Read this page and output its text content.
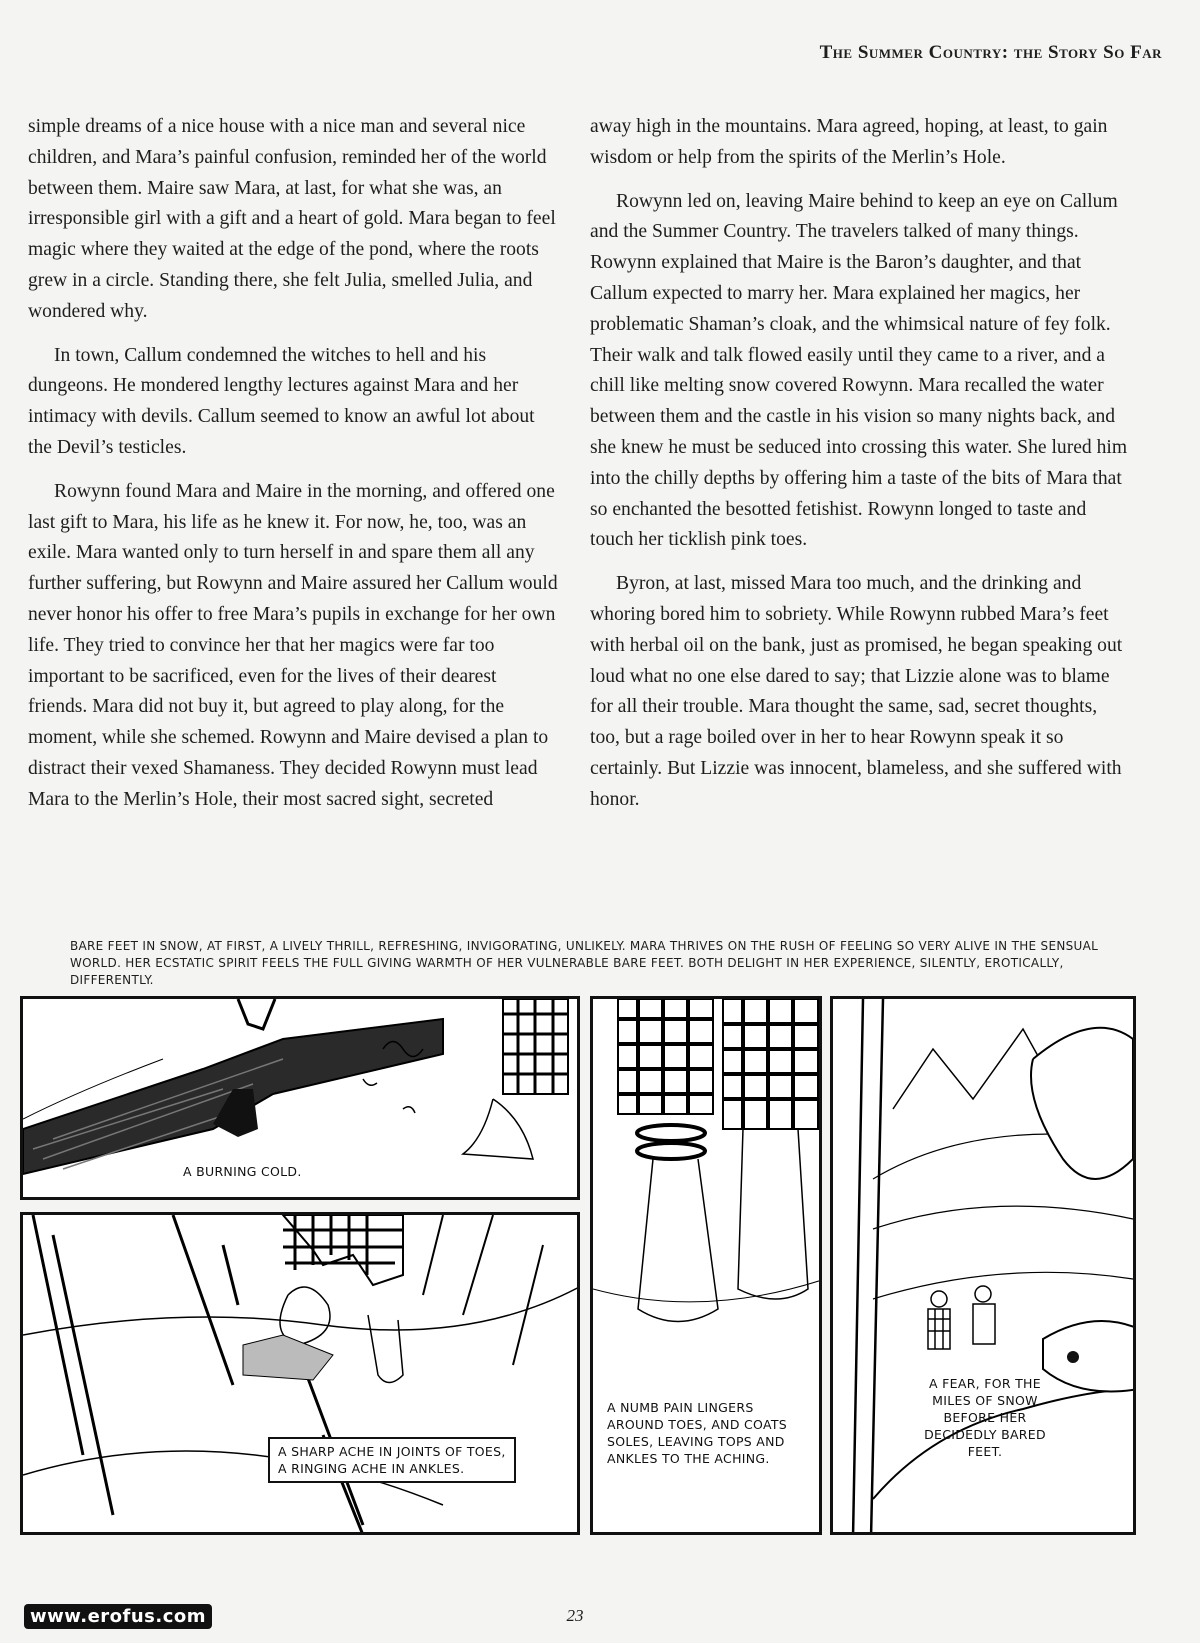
The Summer Country: the Story So Far

simple dreams of a nice house with a nice man and several nice children, and Mara’s painful confusion, reminded her of the world between them. Maire saw Mara, at last, for what she was, an irresponsible girl with a gift and a heart of gold. Mara began to feel magic where they waited at the edge of the pond, where the roots grew in a circle. Standing there, she felt Julia, smelled Julia, and wondered why.

In town, Callum condemned the witches to hell and his dungeons. He mondered lengthy lectures against Mara and her intimacy with devils. Callum seemed to know an awful lot about the Devil’s testicles.

Rowynn found Mara and Maire in the morning, and offered one last gift to Mara, his life as he knew it. For now, he, too, was an exile. Mara wanted only to turn herself in and spare them all any further suffering, but Rowynn and Maire assured her Callum would never honor his offer to free Mara’s pupils in exchange for her own life. They tried to convince her that her magics were far too important to be sacrificed, even for the lives of their dearest friends. Mara did not buy it, but agreed to play along, for the moment, while she schemed. Rowynn and Maire devised a plan to distract their vexed Shamaness. They decided Rowynn must lead Mara to the Merlin’s Hole, their most sacred sight, secreted

away high in the mountains. Mara agreed, hoping, at least, to gain wisdom or help from the spirits of the Merlin’s Hole.

Rowynn led on, leaving Maire behind to keep an eye on Callum and the Summer Country. The travelers talked of many things. Rowynn explained that Maire is the Baron’s daughter, and that Callum expected to marry her. Mara explained her magics, her problematic Shaman’s cloak, and the whimsical nature of fey folk. Their walk and talk flowed easily until they came to a river, and a chill like melting snow covered Rowynn. Mara recalled the water between them and the castle in his vision so many nights back, and she knew he must be seduced into crossing this water. She lured him into the chilly depths by offering him a taste of the bits of Mara that so enchanted the besotted fetishist. Rowynn longed to taste and touch her ticklish pink toes.

Byron, at last, missed Mara too much, and the drinking and whoring bored him to sobriety. While Rowynn rubbed Mara’s feet with herbal oil on the bank, just as promised, he began speaking out loud what no one else dared to say; that Lizzie alone was to blame for all their trouble. Mara thought the same, sad, secret thoughts, too, but a rage boiled over in her to hear Rowynn speak it so certainly. But Lizzie was innocent, blameless, and she suffered with honor.

BARE FEET IN SNOW, AT FIRST, A LIVELY THRILL, REFRESHING, INVIGORATING, UNLIKELY. MARA THRIVES ON THE RUSH OF FEELING SO VERY ALIVE IN THE SENSUAL WORLD. HER ECSTATIC SPIRIT FEELS THE FULL GIVING WARMTH OF HER VULNERABLE BARE FEET. BOTH DELIGHT IN HER EXPERIENCE, SILENTLY, EROTICALLY, DIFFERENTLY.
A BURNING COLD.
A SHARP ACHE IN JOINTS OF TOES,
A RINGING ACHE IN ANKLES.
A NUMB PAIN LINGERS AROUND TOES, AND COATS SOLES, LEAVING TOPS AND ANKLES TO THE ACHING.
A FEAR, FOR THE MILES OF SNOW BEFORE HER DECIDEDLY BARED FEET.
23
www.erofus.com
